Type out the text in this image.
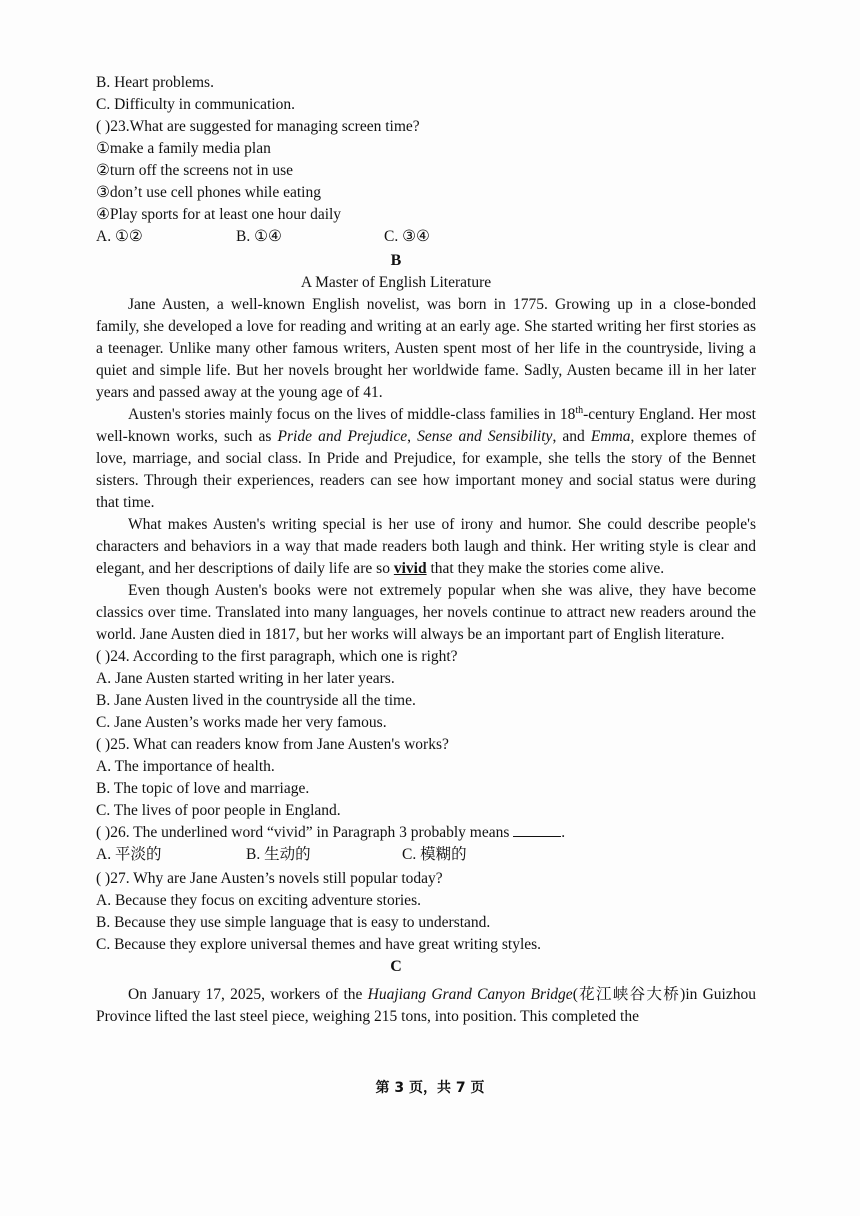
B. Heart problems.
C. Difficulty in communication.
( )23.What are suggested for managing screen time?
①make a family media plan
②turn off the screens not in use
③don’t use cell phones while eating
④Play sports for at least one hour daily
A. ①②	B. ①④	C. ③④
B
A Master of English Literature

Jane Austen, a well-known English novelist, was born in 1775. Growing up in a close-bonded family, she developed a love for reading and writing at an early age. She started writing her first stories as a teenager. Unlike many other famous writers, Austen spent most of her life in the countryside, living a quiet and simple life. But her novels brought her worldwide fame. Sadly, Austen became ill in her later years and passed away at the young age of 41.

Austen's stories mainly focus on the lives of middle-class families in 18th-century England. Her most well-known works, such as Pride and Prejudice, Sense and Sensibility, and Emma, explore themes of love, marriage, and social class. In Pride and Prejudice, for example, she tells the story of the Bennet sisters. Through their experiences, readers can see how important money and social status were during that time.

What makes Austen's writing special is her use of irony and humor. She could describe people's characters and behaviors in a way that made readers both laugh and think. Her writing style is clear and elegant, and her descriptions of daily life are so vivid that they make the stories come alive.

Even though Austen's books were not extremely popular when she was alive, they have become classics over time. Translated into many languages, her novels continue to attract new readers around the world. Jane Austen died in 1817, but her works will always be an important part of English literature.

( )24. According to the first paragraph, which one is right?
A. Jane Austen started writing in her later years.
B. Jane Austen lived in the countryside all the time.
C. Jane Austen’s works made her very famous.
( )25. What can readers know from Jane Austen's works?
A. The importance of health.
B. The topic of love and marriage.
C. The lives of poor people in England.
( )26. The underlined word “vivid” in Paragraph 3 probably means	.
A. 平淡的	B. 生动的	C. 模糊的
( )27. Why are Jane Austen’s novels still popular today?
A. Because they focus on exciting adventure stories.
B. Because they use simple language that is easy to understand.
C. Because they explore universal themes and have great writing styles.
C

On January 17, 2025, workers of the Huajiang Grand Canyon Bridge(花江峡谷大桥)in Guizhou Province lifted the last steel piece, weighing 215 tons, into position. This completed the

第 3 页，共 7 页
